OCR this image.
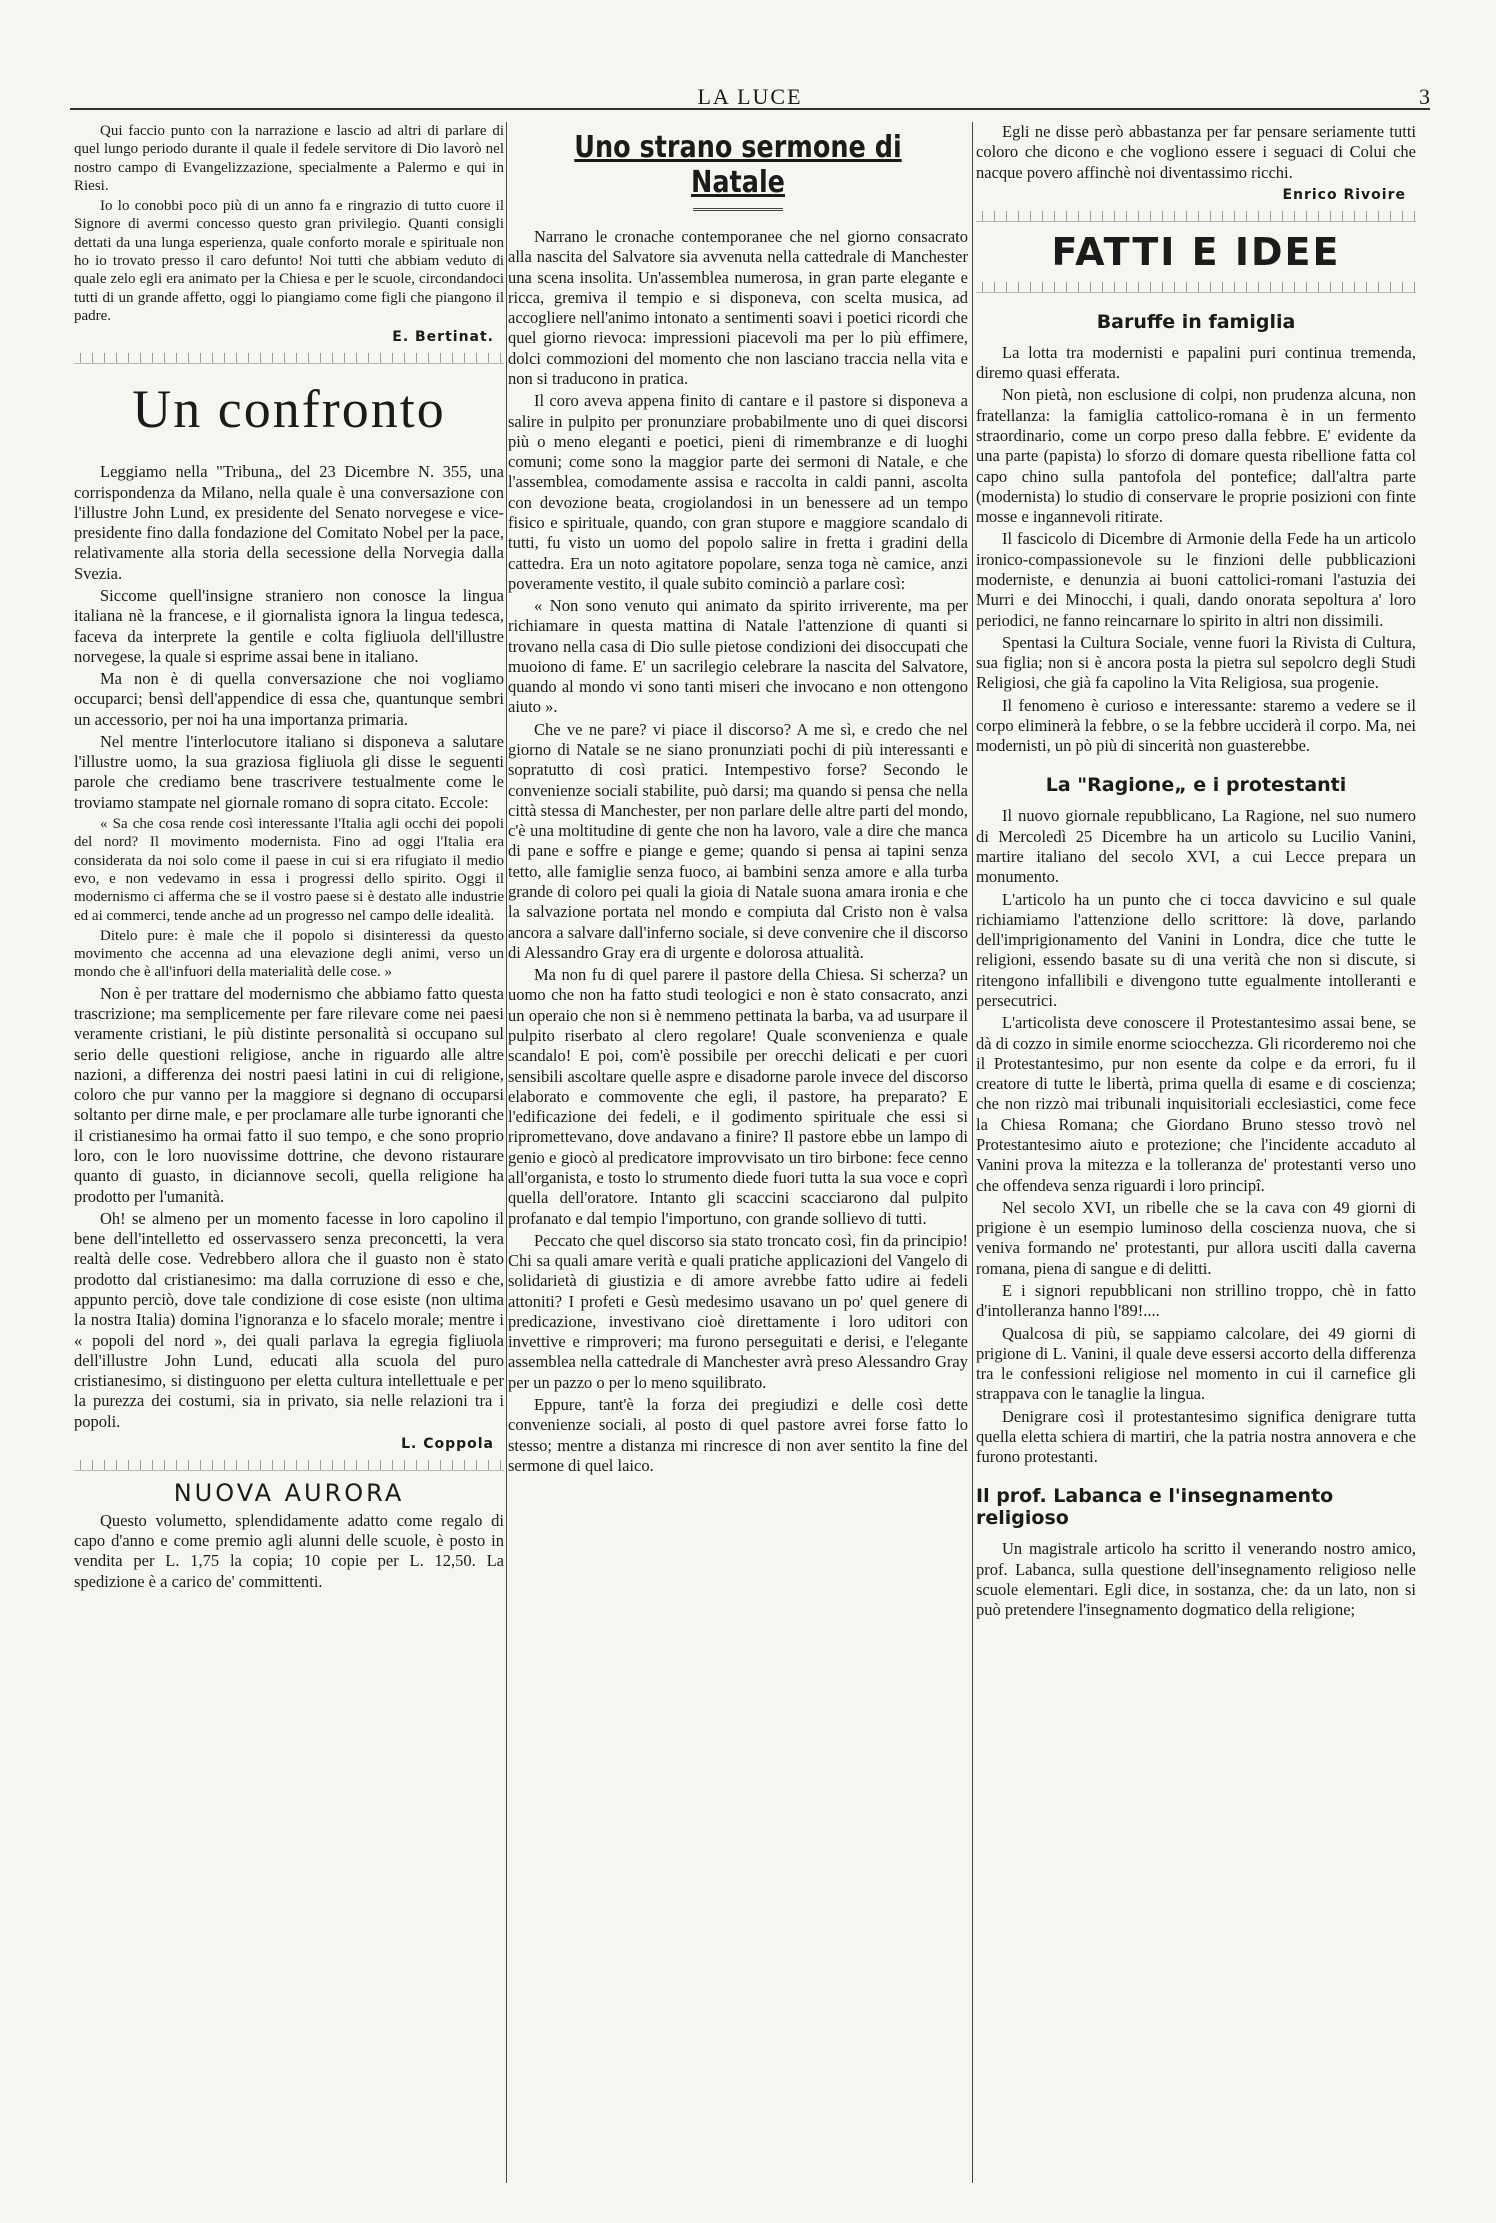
LA LUCE	3

Qui faccio punto con la narrazione e lascio ad altri di parlare di quel lungo periodo durante il quale il fedele servitore di Dio lavorò nel nostro campo di Evangelizzazione, specialmente a Palermo e qui in Riesi.

Io lo conobbi poco più di un anno fa e ringrazio di tutto cuore il Signore di avermi concesso questo gran privilegio. Quanti consigli dettati da una lunga esperienza, quale conforto morale e spirituale non ho io trovato presso il caro defunto! Noi tutti che abbiam veduto di quale zelo egli era animato per la Chiesa e per le scuole, circondandoci tutti di un grande affetto, oggi lo piangiamo come figli che piangono il padre.

E. Bertinat.
Un confronto

Leggiamo nella "Tribuna„ del 23 Dicembre N. 355, una corrispondenza da Milano, nella quale è una conversazione con l'illustre John Lund, ex presidente del Senato norvegese e vice-presidente fino dalla fondazione del Comitato Nobel per la pace, relativamente alla storia della secessione della Norvegia dalla Svezia.

Siccome quell'insigne straniero non conosce la lingua italiana nè la francese, e il giornalista ignora la lingua tedesca, faceva da interprete la gentile e colta figliuola dell'illustre norvegese, la quale si esprime assai bene in italiano.

Ma non è di quella conversazione che noi vogliamo occuparci; bensì dell'appendice di essa che, quantunque sembri un accessorio, per noi ha una importanza primaria.

Nel mentre l'interlocutore italiano si disponeva a salutare l'illustre uomo, la sua graziosa figliuola gli disse le seguenti parole che crediamo bene trascrivere testualmente come le troviamo stampate nel giornale romano di sopra citato. Eccole:

« Sa che cosa rende così interessante l'Italia agli occhi dei popoli del nord? Il movimento modernista. Fino ad oggi l'Italia era considerata da noi solo come il paese in cui si era rifugiato il medio evo, e non vedevamo in essa i progressi dello spirito. Oggi il modernismo ci afferma che se il vostro paese si è destato alle industrie ed ai commerci, tende anche ad un progresso nel campo delle idealità.

Ditelo pure: è male che il popolo si disinteressi da questo movimento che accenna ad una elevazione degli animi, verso un mondo che è all'infuori della materialità delle cose. »

Non è per trattare del modernismo che abbiamo fatto questa trascrizione; ma semplicemente per fare rilevare come nei paesi veramente cristiani, le più distinte personalità si occupano sul serio delle questioni religiose, anche in riguardo alle altre nazioni, a differenza dei nostri paesi latini in cui di religione, coloro che pur vanno per la maggiore si degnano di occuparsi soltanto per dirne male, e per proclamare alle turbe ignoranti che il cristianesimo ha ormai fatto il suo tempo, e che sono proprio loro, con le loro nuovissime dottrine, che devono ristaurare quanto di guasto, in diciannove secoli, quella religione ha prodotto per l'umanità.

Oh! se almeno per un momento facesse in loro capolino il bene dell'intelletto ed osservassero senza preconcetti, la vera realtà delle cose. Vedrebbero allora che il guasto non è stato prodotto dal cristianesimo: ma dalla corruzione di esso e che, appunto perciò, dove tale condizione di cose esiste (non ultima la nostra Italia) domina l'ignoranza e lo sfacelo morale; mentre i « popoli del nord », dei quali parlava la egregia figliuola dell'illustre John Lund, educati alla scuola del puro cristianesimo, si distinguono per eletta cultura intellettuale e per la purezza dei costumi, sia in privato, sia nelle relazioni tra i popoli.

L. Coppola
NUOVA AURORA

Questo volumetto, splendidamente adatto come regalo di capo d'anno e come premio agli alunni delle scuole, è posto in vendita per L. 1,75 la copia; 10 copie per L. 12,50. La spedizione è a carico de' committenti.

Uno strano sermone di Natale

Narrano le cronache contemporanee che nel giorno consacrato alla nascita del Salvatore sia avvenuta nella cattedrale di Manchester una scena insolita. Un'assemblea numerosa, in gran parte elegante e ricca, gremiva il tempio e si disponeva, con scelta musica, ad accogliere nell'animo intonato a sentimenti soavi i poetici ricordi che quel giorno rievoca: impressioni piacevoli ma per lo più effimere, dolci commozioni del momento che non lasciano traccia nella vita e non si traducono in pratica.

Il coro aveva appena finito di cantare e il pastore si disponeva a salire in pulpito per pronunziare probabilmente uno di quei discorsi più o meno eleganti e poetici, pieni di rimembranze e di luoghi comuni; come sono la maggior parte dei sermoni di Natale, e che l'assemblea, comodamente assisa e raccolta in caldi panni, ascolta con devozione beata, crogiolandosi in un benessere ad un tempo fisico e spirituale, quando, con gran stupore e maggiore scandalo di tutti, fu visto un uomo del popolo salire in fretta i gradini della cattedra. Era un noto agitatore popolare, senza toga nè camice, anzi poveramente vestito, il quale subito cominciò a parlare così:

« Non sono venuto qui animato da spirito irriverente, ma per richiamare in questa mattina di Natale l'attenzione di quanti si trovano nella casa di Dio sulle pietose condizioni dei disoccupati che muoiono di fame. E' un sacrilegio celebrare la nascita del Salvatore, quando al mondo vi sono tanti miseri che invocano e non ottengono aiuto ».

Che ve ne pare? vi piace il discorso? A me sì, e credo che nel giorno di Natale se ne siano pronunziati pochi di più interessanti e sopratutto di così pratici. Intempestivo forse? Secondo le convenienze sociali stabilite, può darsi; ma quando si pensa che nella città stessa di Manchester, per non parlare delle altre parti del mondo, c'è una moltitudine di gente che non ha lavoro, vale a dire che manca di pane e soffre e piange e geme; quando si pensa ai tapini senza tetto, alle famiglie senza fuoco, ai bambini senza amore e alla turba grande di coloro pei quali la gioia di Natale suona amara ironia e che la salvazione portata nel mondo e compiuta dal Cristo non è valsa ancora a salvare dall'inferno sociale, si deve convenire che il discorso di Alessandro Gray era di urgente e dolorosa attualità.

Ma non fu di quel parere il pastore della Chiesa. Si scherza? un uomo che non ha fatto studi teologici e non è stato consacrato, anzi un operaio che non si è nemmeno pettinata la barba, va ad usurpare il pulpito riserbato al clero regolare! Quale sconvenienza e quale scandalo! E poi, com'è possibile per orecchi delicati e per cuori sensibili ascoltare quelle aspre e disadorne parole invece del discorso elaborato e commovente che egli, il pastore, ha preparato? E l'edificazione dei fedeli, e il godimento spirituale che essi si ripromettevano, dove andavano a finire? Il pastore ebbe un lampo di genio e giocò al predicatore improvvisato un tiro birbone: fece cenno all'organista, e tosto lo strumento diede fuori tutta la sua voce e coprì quella dell'oratore. Intanto gli scaccini scacciarono dal pulpito profanato e dal tempio l'importuno, con grande sollievo di tutti.

Peccato che quel discorso sia stato troncato così, fin da principio! Chi sa quali amare verità e quali pratiche applicazioni del Vangelo di solidarietà di giustizia e di amore avrebbe fatto udire ai fedeli attoniti? I profeti e Gesù medesimo usavano un po' quel genere di predicazione, investivano cioè direttamente i loro uditori con invettive e rimproveri; ma furono perseguitati e derisi, e l'elegante assemblea nella cattedrale di Manchester avrà preso Alessandro Gray per un pazzo o per lo meno squilibrato.

Eppure, tant'è la forza dei pregiudizi e delle così dette convenienze sociali, al posto di quel pastore avrei forse fatto lo stesso; mentre a distanza mi rincresce di non aver sentito la fine del sermone di quel laico.

Egli ne disse però abbastanza per far pensare seriamente tutti coloro che dicono e che vogliono essere i seguaci di Colui che nacque povero affinchè noi diventassimo ricchi.

Enrico Rivoire
FATTI E IDEE
Baruffe in famiglia

La lotta tra modernisti e papalini puri continua tremenda, diremo quasi efferata.

Non pietà, non esclusione di colpi, non prudenza alcuna, non fratellanza: la famiglia cattolico-romana è in un fermento straordinario, come un corpo preso dalla febbre. E' evidente da una parte (papista) lo sforzo di domare questa ribellione fatta col capo chino sulla pantofola del pontefice; dall'altra parte (modernista) lo studio di conservare le proprie posizioni con finte mosse e ingannevoli ritirate.

Il fascicolo di Dicembre di Armonie della Fede ha un articolo ironico-compassionevole su le finzioni delle pubblicazioni moderniste, e denunzia ai buoni cattolici-romani l'astuzia dei Murri e dei Minocchi, i quali, dando onorata sepoltura a' loro periodici, ne fanno reincarnare lo spirito in altri non dissimili.

Spentasi la Cultura Sociale, venne fuori la Rivista di Cultura, sua figlia; non si è ancora posta la pietra sul sepolcro degli Studi Religiosi, che già fa capolino la Vita Religiosa, sua progenie.

Il fenomeno è curioso e interessante: staremo a vedere se il corpo eliminerà la febbre, o se la febbre ucciderà il corpo. Ma, nei modernisti, un pò più di sincerità non guasterebbe.

La "Ragione„ e i protestanti

Il nuovo giornale repubblicano, La Ragione, nel suo numero di Mercoledì 25 Dicembre ha un articolo su Lucilio Vanini, martire italiano del secolo XVI, a cui Lecce prepara un monumento.

L'articolo ha un punto che ci tocca davvicino e sul quale richiamiamo l'attenzione dello scrittore: là dove, parlando dell'imprigionamento del Vanini in Londra, dice che tutte le religioni, essendo basate su di una verità che non si discute, si ritengono infallibili e divengono tutte egualmente intolleranti e persecutrici.

L'articolista deve conoscere il Protestantesimo assai bene, se dà di cozzo in simile enorme sciocchezza. Gli ricorderemo noi che il Protestantesimo, pur non esente da colpe e da errori, fu il creatore di tutte le libertà, prima quella di esame e di coscienza; che non rizzò mai tribunali inquisitoriali ecclesiastici, come fece la Chiesa Romana; che Giordano Bruno stesso trovò nel Protestantesimo aiuto e protezione; che l'incidente accaduto al Vanini prova la mitezza e la tolleranza de' protestanti verso uno che offendeva senza riguardi i loro principî.

Nel secolo XVI, un ribelle che se la cava con 49 giorni di prigione è un esempio luminoso della coscienza nuova, che si veniva formando ne' protestanti, pur allora usciti dalla caverna romana, piena di sangue e di delitti.

E i signori repubblicani non strillino troppo, chè in fatto d'intolleranza hanno l'89!....

Qualcosa di più, se sappiamo calcolare, dei 49 giorni di prigione di L. Vanini, il quale deve essersi accorto della differenza tra le confessioni religiose nel momento in cui il carnefice gli strappava con le tanaglie la lingua.

Denigrare così il protestantesimo significa denigrare tutta quella eletta schiera di martiri, che la patria nostra annovera e che furono protestanti.

Il prof. Labanca e l'insegnamento religioso

Un magistrale articolo ha scritto il venerando nostro amico, prof. Labanca, sulla questione dell'insegnamento religioso nelle scuole elementari. Egli dice, in sostanza, che: da un lato, non si può pretendere l'insegnamento dogmatico della religione;
